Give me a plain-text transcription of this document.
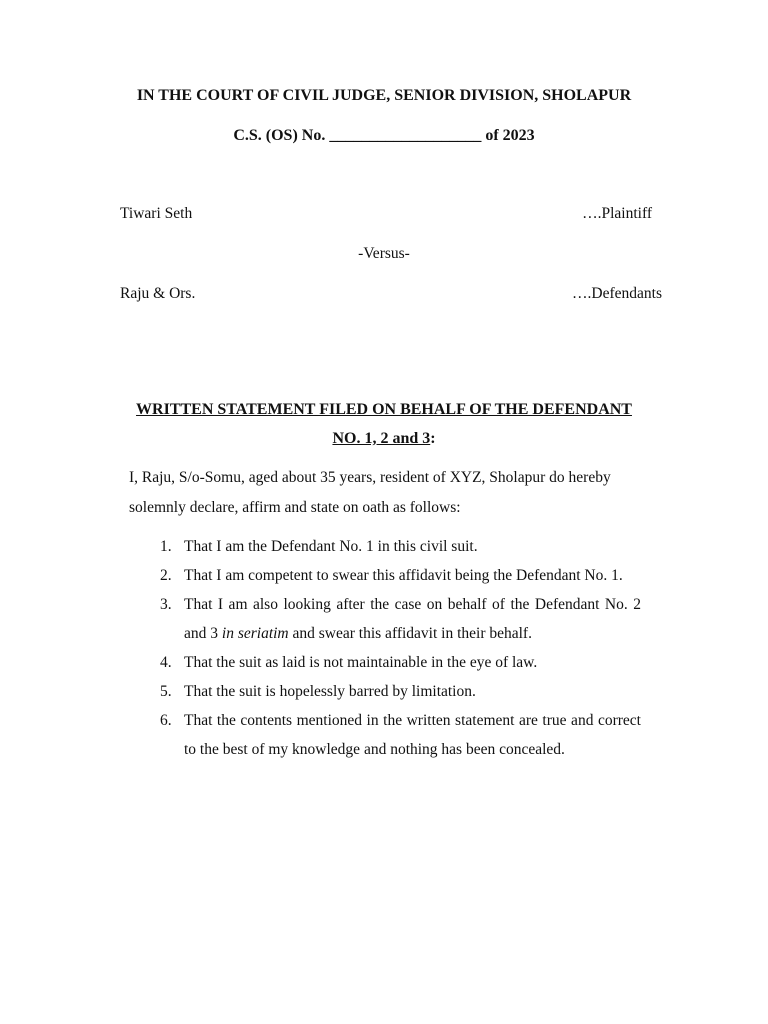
IN THE COURT OF CIVIL JUDGE, SENIOR DIVISION, SHOLAPUR
C.S. (OS) No. ___________________ of 2023
Tiwari Seth	….Plaintiff
-Versus-
Raju & Ors.	….Defendants
WRITTEN STATEMENT FILED ON BEHALF OF THE DEFENDANT
NO. 1, 2 and 3:
I, Raju, S/o-Somu, aged about 35 years, resident of XYZ, Sholapur do hereby solemnly declare, affirm and state on oath as follows:
1. That I am the Defendant No. 1 in this civil suit.
2. That I am competent to swear this affidavit being the Defendant No. 1.
3. That I am also looking after the case on behalf of the Defendant No. 2 and 3 in seriatim and swear this affidavit in their behalf.
4. That the suit as laid is not maintainable in the eye of law.
5. That the suit is hopelessly barred by limitation.
6. That the contents mentioned in the written statement are true and correct to the best of my knowledge and nothing has been concealed.
